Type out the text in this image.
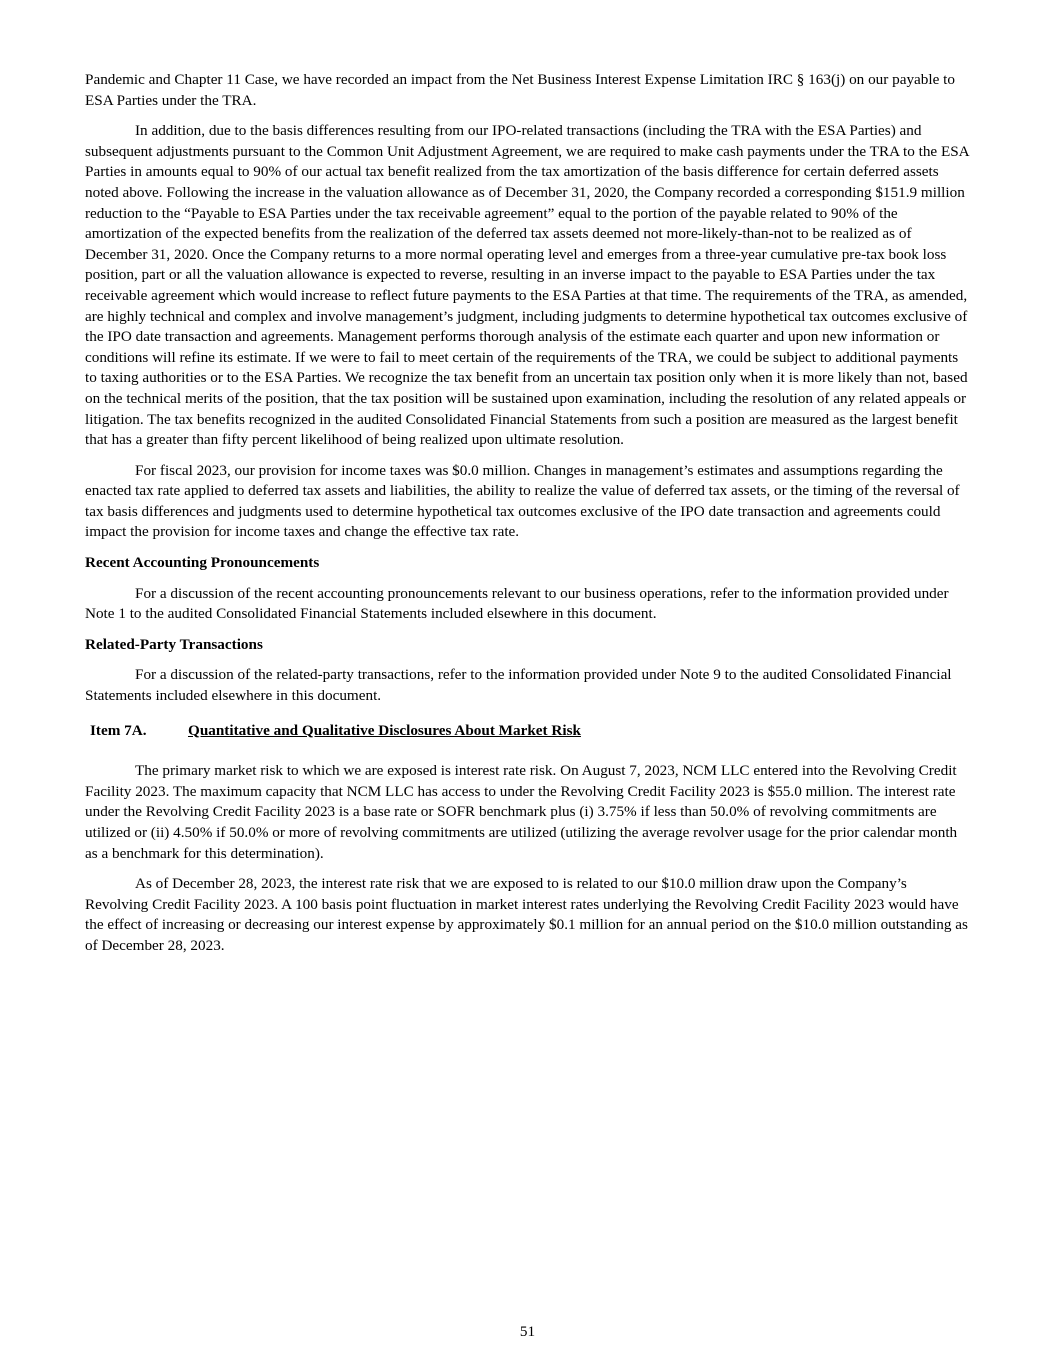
Pandemic and Chapter 11 Case, we have recorded an impact from the Net Business Interest Expense Limitation IRC § 163(j) on our payable to ESA Parties under the TRA.

In addition, due to the basis differences resulting from our IPO-related transactions (including the TRA with the ESA Parties) and subsequent adjustments pursuant to the Common Unit Adjustment Agreement, we are required to make cash payments under the TRA to the ESA Parties in amounts equal to 90% of our actual tax benefit realized from the tax amortization of the basis difference for certain deferred assets noted above. Following the increase in the valuation allowance as of December 31, 2020, the Company recorded a corresponding $151.9 million reduction to the “Payable to ESA Parties under the tax receivable agreement” equal to the portion of the payable related to 90% of the amortization of the expected benefits from the realization of the deferred tax assets deemed not more-likely-than-not to be realized as of December 31, 2020. Once the Company returns to a more normal operating level and emerges from a three-year cumulative pre-tax book loss position, part or all the valuation allowance is expected to reverse, resulting in an inverse impact to the payable to ESA Parties under the tax receivable agreement which would increase to reflect future payments to the ESA Parties at that time. The requirements of the TRA, as amended, are highly technical and complex and involve management’s judgment, including judgments to determine hypothetical tax outcomes exclusive of the IPO date transaction and agreements. Management performs thorough analysis of the estimate each quarter and upon new information or conditions will refine its estimate. If we were to fail to meet certain of the requirements of the TRA, we could be subject to additional payments to taxing authorities or to the ESA Parties. We recognize the tax benefit from an uncertain tax position only when it is more likely than not, based on the technical merits of the position, that the tax position will be sustained upon examination, including the resolution of any related appeals or litigation. The tax benefits recognized in the audited Consolidated Financial Statements from such a position are measured as the largest benefit that has a greater than fifty percent likelihood of being realized upon ultimate resolution.

For fiscal 2023, our provision for income taxes was $0.0 million. Changes in management’s estimates and assumptions regarding the enacted tax rate applied to deferred tax assets and liabilities, the ability to realize the value of deferred tax assets, or the timing of the reversal of tax basis differences and judgments used to determine hypothetical tax outcomes exclusive of the IPO date transaction and agreements could impact the provision for income taxes and change the effective tax rate.

Recent Accounting Pronouncements

For a discussion of the recent accounting pronouncements relevant to our business operations, refer to the information provided under Note 1 to the audited Consolidated Financial Statements included elsewhere in this document.

Related-Party Transactions

For a discussion of the related-party transactions, refer to the information provided under Note 9 to the audited Consolidated Financial Statements included elsewhere in this document.

Item 7A.	Quantitative and Qualitative Disclosures About Market Risk

The primary market risk to which we are exposed is interest rate risk. On August 7, 2023, NCM LLC entered into the Revolving Credit Facility 2023. The maximum capacity that NCM LLC has access to under the Revolving Credit Facility 2023 is $55.0 million. The interest rate under the Revolving Credit Facility 2023 is a base rate or SOFR benchmark plus (i) 3.75% if less than 50.0% of revolving commitments are utilized or (ii) 4.50% if 50.0% or more of revolving commitments are utilized (utilizing the average revolver usage for the prior calendar month as a benchmark for this determination).

As of December 28, 2023, the interest rate risk that we are exposed to is related to our $10.0 million draw upon the Company’s Revolving Credit Facility 2023. A 100 basis point fluctuation in market interest rates underlying the Revolving Credit Facility 2023 would have the effect of increasing or decreasing our interest expense by approximately $0.1 million for an annual period on the $10.0 million outstanding as of December 28, 2023.

51
